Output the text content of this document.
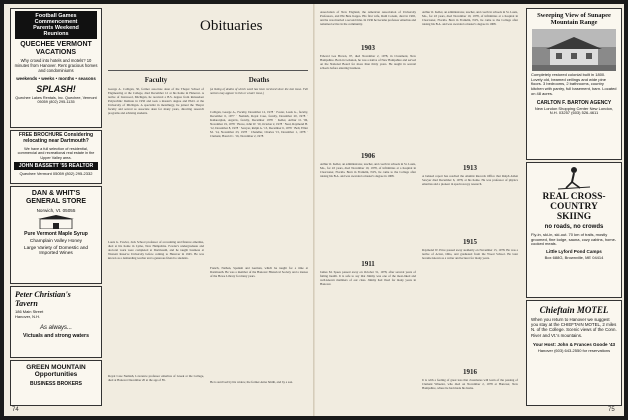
Football Games Commencement Parents Weekend Reunions
QUECHEE VERMONT VACATIONS
Why crowd into hotels and motels? 10 minutes from Hanover. Rent gracious homes and condominiums
weekends • weeks • months • seasons
SPLASH!
Quechee Lakes Rentals, Inc. Quechee, Vermont 05059 (802) 295-1135
FREE BROCHURE Considering relocating near Dartmouth?
We have a full selection of residential, commercial and recreational real estate in the Upper Valley area.
JOHN BASSETT '55 REALTOR
Quechee Vermont 05059 (802) 295-2332
DAN & WHIT'S GENERAL STORE
Norwich, Vt. 05055
Pure Vermont Maple Syrup
Champlain Valley Honey
Large Variety of Domestic and Imported Wines
Peter Christian's Tavern
186 Main Street Hanover, N.H.
As always...
Victuals and strong waters
GREEN MOUNTAIN Opportunities
BUSINESS BROKERS
74
Obituaries
Faculty
George A. Colligan, 50, former associate dean of the Thayer School of Engineering at the College, died December 12 at his home in Hanover. A native of Ironwood, Michigan, he received a B.S. degree from Rensselaer Polytechnic Institute in 1950 and took a master's degree and Ph.D. at the University of Michigan. A specialist in metallurgy, he joined the Thayer faculty and served as associate dean for many years, directing research programs and advising students.
Louis G. Fowler, Jack School professor of accounting and finance emeritus, died at his home in Lyme, New Hampshire. Fowler's undergraduate and doctoral work were completed at Dartmouth, and he taught business at Western Reserve University before coming to Hanover in 1945. He was known as a demanding teacher and a generous friend to students.
Royal Case Nemiah, Lawrence professor emeritus of Greek at the College, died at Hanover December 20 at the age of 85.
Deaths
(A listing of deaths of which word has been received since the last issue. Full notices may appear in this or a later issue.)
Colligan, George A., Faculty, December 12, 1978 · Foster, Louis G., faculty, December 6, 1977 · Nemiah, Royal Case, faculty, December 20, 1978 · Kaharonjian, Argavis, faculty, December 1978 · Keller, Arthur O. '06, November 19, 1978 · Howe, John W. '10, October 2, 1978 · Neal, Raymond H. '12, December 8, 1978 · Sawyer, Ralph A. '13, December 6, 1978 · Bell, Elliot M. '14, November 23, 1978 · Chandler, Charles '15, December 1, 1978 · Clement, Harold C. '16, November 2, 1978
French, Nathan, Spanish and German, which he taught for a time at Dartmouth. He was a member of the Hanover Historical Society and a trustee of the Howe Library for many years.
He is survived by his widow, the former Anna Smith, and by a son.
Association of New England, the American Association of University Professors, and Phi Beta Kappa. His first wife, Ruth Conant, died in 1965, and he was married a second time. In 1936 he became professor emeritus and remained active in the community.
1903
Edward Lee Brown, 97, died November 2, 1978, in Claremont, New Hampshire. Born in Lebanon, he was a native of New Hampshire and served on the National Board for more than thirty years. He taught in several schools before entering business.
1906
Arthur O. Keller, an administrator, teacher, and coach in schools in St. Louis, Mo., for 43 years, died November 19, 1978, of infirmities at a hospital in Clearwater, Florida. Born in Franklin, N.H., he came to the College after raising his B.A. and was awarded a master's degree in 1908.
1911
James M. Spees passed away on October 31, 1978, after several years of failing health. It is safe to say that Jimmy was one of the most-liked and well-known members of our class. Jimmy had lived for many years in Hanover.
Arthur O. Keller, an administrator, teacher, and coach in schools in St. Louis, Mo., for 43 years, died November 19, 1978, of infirmities at a hospital in Clearwater, Florida. Born in Franklin, N.H., he came to the College after raising his B.A. and was awarded a master's degree in 1908.
1913
A belated report has reached the Alumni Records Office that Ralph Alden Sawyer died December 6, 1978, at his home. He was professor of physics emeritus and a pioneer in spectroscopy research.
1915
Raymond W. Price passed away suddenly on November 15, 1978. He was a native of Acton, Ohio, and graduated from the Wood School. He later became known as a writer and lecturer for many years.
1916
It is with a feeling of great loss that classmates will learn of the passing of Clement Wheeler, who died on November 2, 1978 at Hanover, New Hampshire, where he had made his home.
Sweeping View of Sunapee Mountain Range
Completely restored colonial built in 1800. Lovely old, beamed ceilings and wide pine floors. 3 bedrooms, 2 bathrooms, country kitchen with pantry, full basement, barn. Located on 48 acres.
CARLTON F. BARTON AGENCY
New London Shopping Center New London, N.H. 03257 (603) 526-4611
REAL CROSS-COUNTRY SKIING
no roads, no crowds
Fly-in, ski-in, ski-out. 70 km of trails, mostly groomed, fine lodge, sauna, cozy cabins, home-cooked meals.
Little Lyford Pond Camps
Box 688G, Brownville, ME 04414
Chieftain MOTEL
When you return to Hanover we suggest you stay at the CHIEFTAIN MOTEL, 2 miles N. of the College. Scenic views of the Conn. River and Vt.'s mountains.
Your Host: John & Frances Goode '43
Hanover (603) 643-2550 for reservations
75
